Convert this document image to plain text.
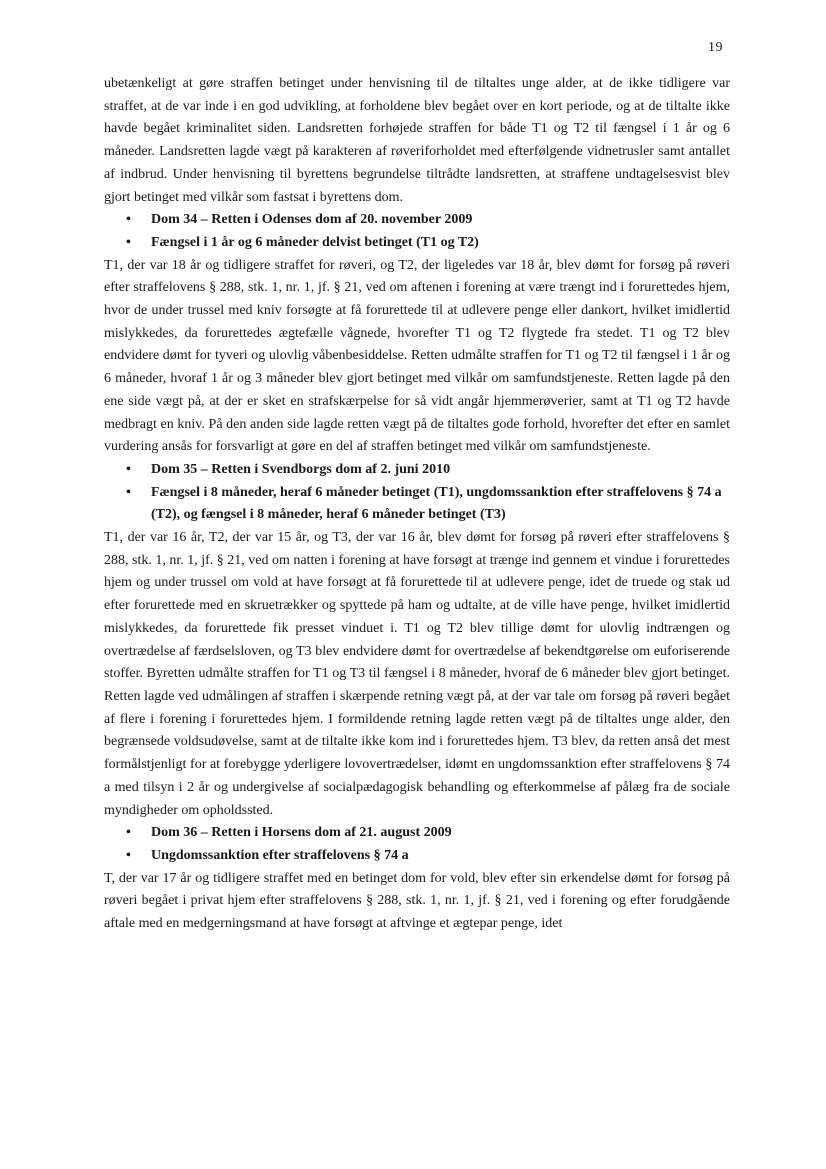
19

ubetænkeligt at gøre straffen betinget under henvisning til de tiltaltes unge alder, at de ikke tidligere var straffet, at de var inde i en god udvikling, at forholdene blev begået over en kort periode, og at de tiltalte ikke havde begået kriminalitet siden. Landsretten forhøjede straffen for både T1 og T2 til fængsel i 1 år og 6 måneder. Landsretten lagde vægt på karakteren af røveriforholdet med efterfølgende vidnetrusler samt antallet af indbrud. Under henvisning til byrettens begrundelse tiltrådte landsretten, at straffene undtagelsesvist blev gjort betinget med vilkår som fastsat i byrettens dom.

• Dom 34 – Retten i Odenses dom af 20. november 2009
• Fængsel i 1 år og 6 måneder delvist betinget (T1 og T2)

T1, der var 18 år og tidligere straffet for røveri, og T2, der ligeledes var 18 år, blev dømt for forsøg på røveri efter straffelovens § 288, stk. 1, nr. 1, jf. § 21, ved om aftenen i forening at være trængt ind i forurettedes hjem, hvor de under trussel med kniv forsøgte at få forurettede til at udlevere penge eller dankort, hvilket imidlertid mislykkedes, da forurettedes ægtefælle vågnede, hvorefter T1 og T2 flygtede fra stedet. T1 og T2 blev endvidere dømt for tyveri og ulovlig våbenbesiddelse. Retten udmålte straffen for T1 og T2 til fængsel i 1 år og 6 måneder, hvoraf 1 år og 3 måneder blev gjort betinget med vilkår om samfundstjeneste. Retten lagde på den ene side vægt på, at der er sket en strafskærpelse for så vidt angår hjemmerøverier, samt at T1 og T2 havde medbragt en kniv. På den anden side lagde retten vægt på de tiltaltes gode forhold, hvorefter det efter en samlet vurdering ansås for forsvarligt at gøre en del af straffen betinget med vilkår om samfundstjeneste.

• Dom 35 – Retten i Svendborgs dom af 2. juni 2010
• Fængsel i 8 måneder, heraf 6 måneder betinget (T1), ungdomssanktion efter straffelovens § 74 a (T2), og fængsel i 8 måneder, heraf 6 måneder betinget (T3)

T1, der var 16 år, T2, der var 15 år, og T3, der var 16 år, blev dømt for forsøg på røveri efter straffelovens § 288, stk. 1, nr. 1, jf. § 21, ved om natten i forening at have forsøgt at trænge ind gennem et vindue i forurettedes hjem og under trussel om vold at have forsøgt at få forurettede til at udlevere penge, idet de truede og stak ud efter forurettede med en skruetrækker og spyttede på ham og udtalte, at de ville have penge, hvilket imidlertid mislykkedes, da forurettede fik presset vinduet i. T1 og T2 blev tillige dømt for ulovlig indtrængen og overtrædelse af færdselsloven, og T3 blev endvidere dømt for overtrædelse af bekendtgørelse om euforiserende stoffer. Byretten udmålte straffen for T1 og T3 til fængsel i 8 måneder, hvoraf de 6 måneder blev gjort betinget. Retten lagde ved udmålingen af straffen i skærpende retning vægt på, at der var tale om forsøg på røveri begået af flere i forening i forurettedes hjem. I formildende retning lagde retten vægt på de tiltaltes unge alder, den begrænsede voldsudøvelse, samt at de tiltalte ikke kom ind i forurettedes hjem. T3 blev, da retten anså det mest formålstjenligt for at forebygge yderligere lovovertrædelser, idømt en ungdomssanktion efter straffelovens § 74 a med tilsyn i 2 år og undergivelse af socialpædagogisk behandling og efterkommelse af pålæg fra de sociale myndigheder om opholdssted.

• Dom 36 – Retten i Horsens dom af 21. august 2009
• Ungdomssanktion efter straffelovens § 74 a

T, der var 17 år og tidligere straffet med en betinget dom for vold, blev efter sin erkendelse dømt for forsøg på røveri begået i privat hjem efter straffelovens § 288, stk. 1, nr. 1, jf. § 21, ved i forening og efter forudgående aftale med en medgerningsmand at have forsøgt at aftvinge et ægtepar penge, idet
